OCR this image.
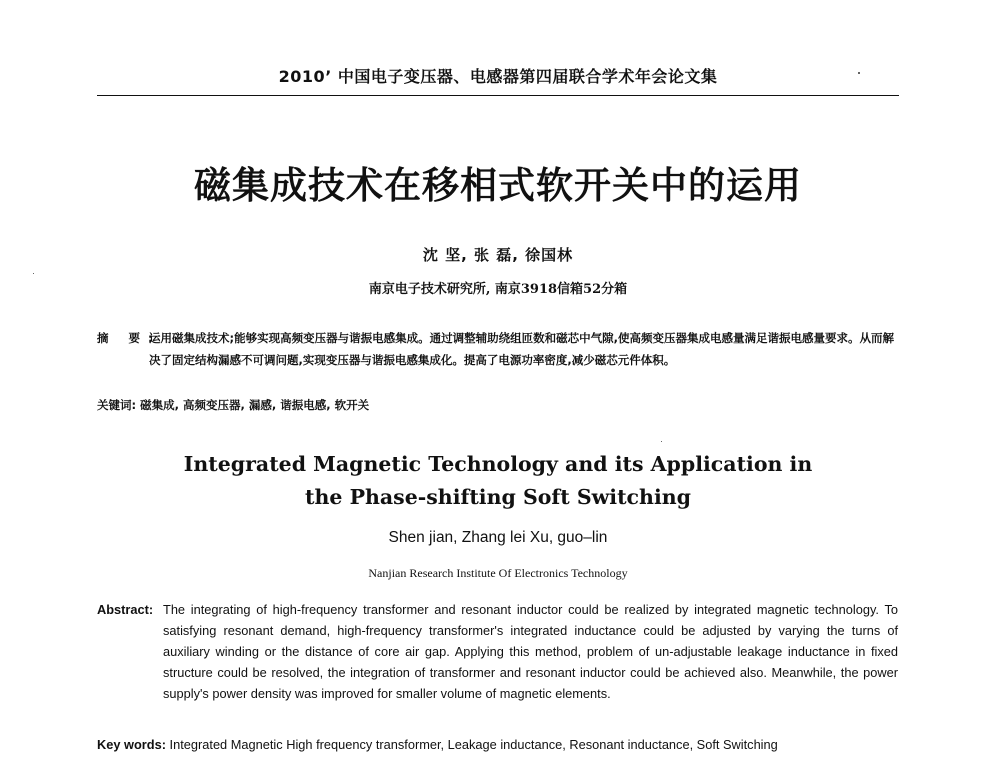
2010’ 中国电子变压器、电感器第四届联合学术年会论文集
磁集成技术在移相式软开关中的运用
沈 坚, 张 磊, 徐国林
南京电子技术研究所, 南京3918信箱52分箱
摘 要:
运用磁集成技术;能够实现高频变压器与谐振电感集成。通过调整辅助绕组匝数和磁芯中气隙,使高频变压器集成电感量满足谐振电感量要求。从而解决了固定结构漏感不可调问题,实现变压器与谐振电感集成化。提高了电源功率密度,减少磁芯元件体积。
关键词: 磁集成, 高频变压器, 漏感, 谐振电感, 软开关
Integrated Magnetic Technology and its Application in
the Phase-shifting Soft Switching
Shen jian, Zhang lei Xu, guo–lin
Nanjian Research Institute Of Electronics Technology
Abstract: The integrating of high-frequency transformer and resonant inductor could be realized by integrated magnetic technology. To satisfying resonant demand, high-frequency transformer's integrated inductance could be adjusted by varying the turns of auxiliary winding or the distance of core air gap. Applying this method, problem of un-adjustable leakage inductance in fixed structure could be resolved, the integration of transformer and resonant inductor could be achieved also. Meanwhile, the power supply's power density was improved for smaller volume of magnetic elements.
Key words: Integrated Magnetic High frequency transformer, Leakage inductance, Resonant inductance, Soft Switching
